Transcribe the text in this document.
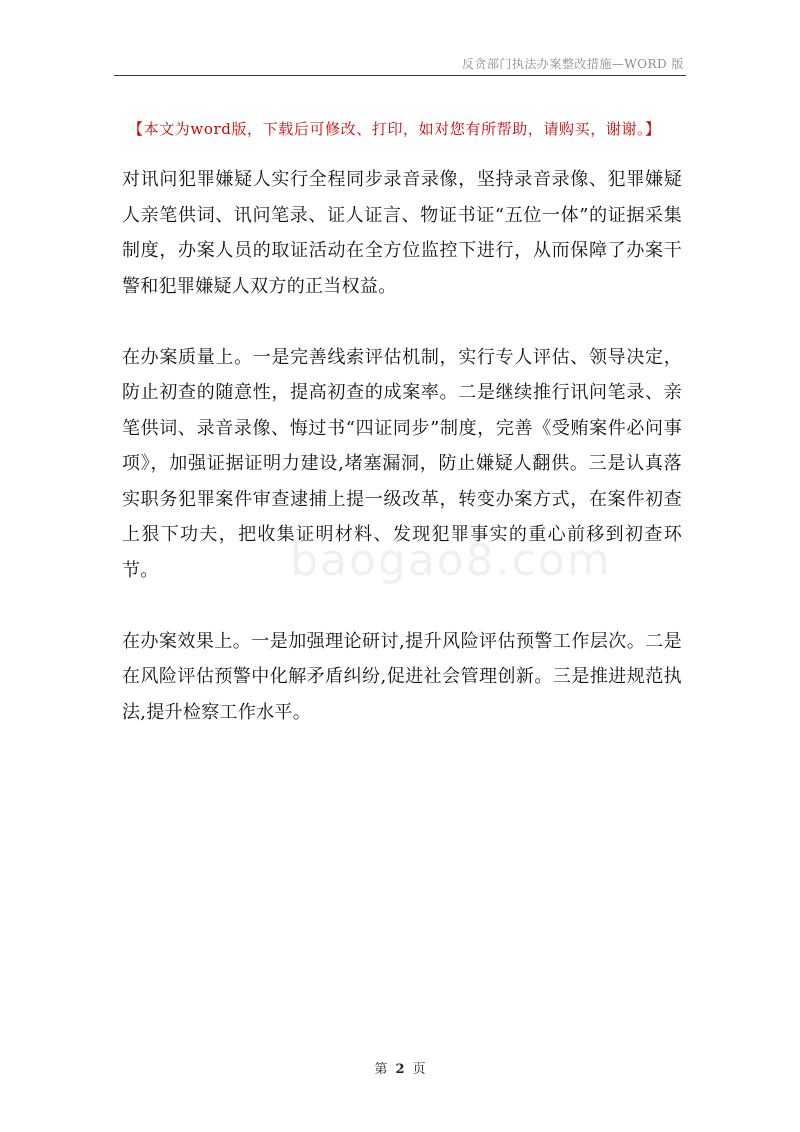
反贪部门执法办案整改措施—WORD 版
【本文为word版，下载后可修改、打印，如对您有所帮助，请购买，谢谢。】
baogao8.com

对讯问犯罪嫌疑人实行全程同步录音录像，坚持录音录像、犯罪嫌疑人亲笔供词、讯问笔录、证人证言、物证书证“五位一体”的证据采集制度，办案人员的取证活动在全方位监控下进行，从而保障了办案干警和犯罪嫌疑人双方的正当权益。

在办案质量上。一是完善线索评估机制，实行专人评估、领导决定，防止初查的随意性，提高初查的成案率。二是继续推行讯问笔录、亲笔供词、录音录像、悔过书“四证同步”制度，完善《受贿案件必问事项》，加强证据证明力建设,堵塞漏洞，防止嫌疑人翻供。三是认真落实职务犯罪案件审查逮捕上提一级改革，转变办案方式，在案件初查上狠下功夫，把收集证明材料、发现犯罪事实的重心前移到初查环节。

在办案效果上。一是加强理论研讨,提升风险评估预警工作层次。二是在风险评估预警中化解矛盾纠纷,促进社会管理创新。三是推进规范执法,提升检察工作水平。

第 2 页
